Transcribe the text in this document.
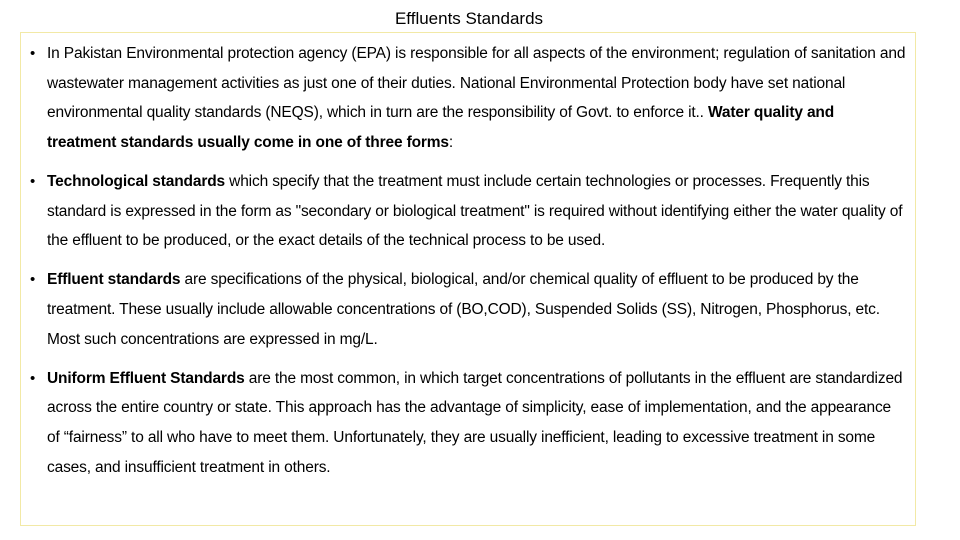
Effluents Standards
• In Pakistan Environmental protection agency (EPA) is responsible for all aspects of the environment; regulation of sanitation and wastewater management activities as just one of their duties. National Environmental Protection body have set national environmental quality standards (NEQS), which in turn are the responsibility of Govt. to enforce it.. Water quality and treatment standards usually come in one of three forms:
• Technological standards which specify that the treatment must include certain technologies or processes. Frequently this standard is expressed in the form as "secondary or biological treatment" is required without identifying either the water quality of the effluent to be produced, or the exact details of the technical process to be used.
• Effluent standards are specifications of the physical, biological, and/or chemical quality of effluent to be produced by the treatment. These usually include allowable concentrations of (BO,COD), Suspended Solids (SS), Nitrogen, Phosphorus, etc. Most such concentrations are expressed in mg/L.
• Uniform Effluent Standards are the most common, in which target concentrations of pollutants in the effluent are standardized across the entire country or state. This approach has the advantage of simplicity, ease of implementation, and the appearance of “fairness” to all who have to meet them. Unfortunately, they are usually inefficient, leading to excessive treatment in some cases, and insufficient treatment in others.
